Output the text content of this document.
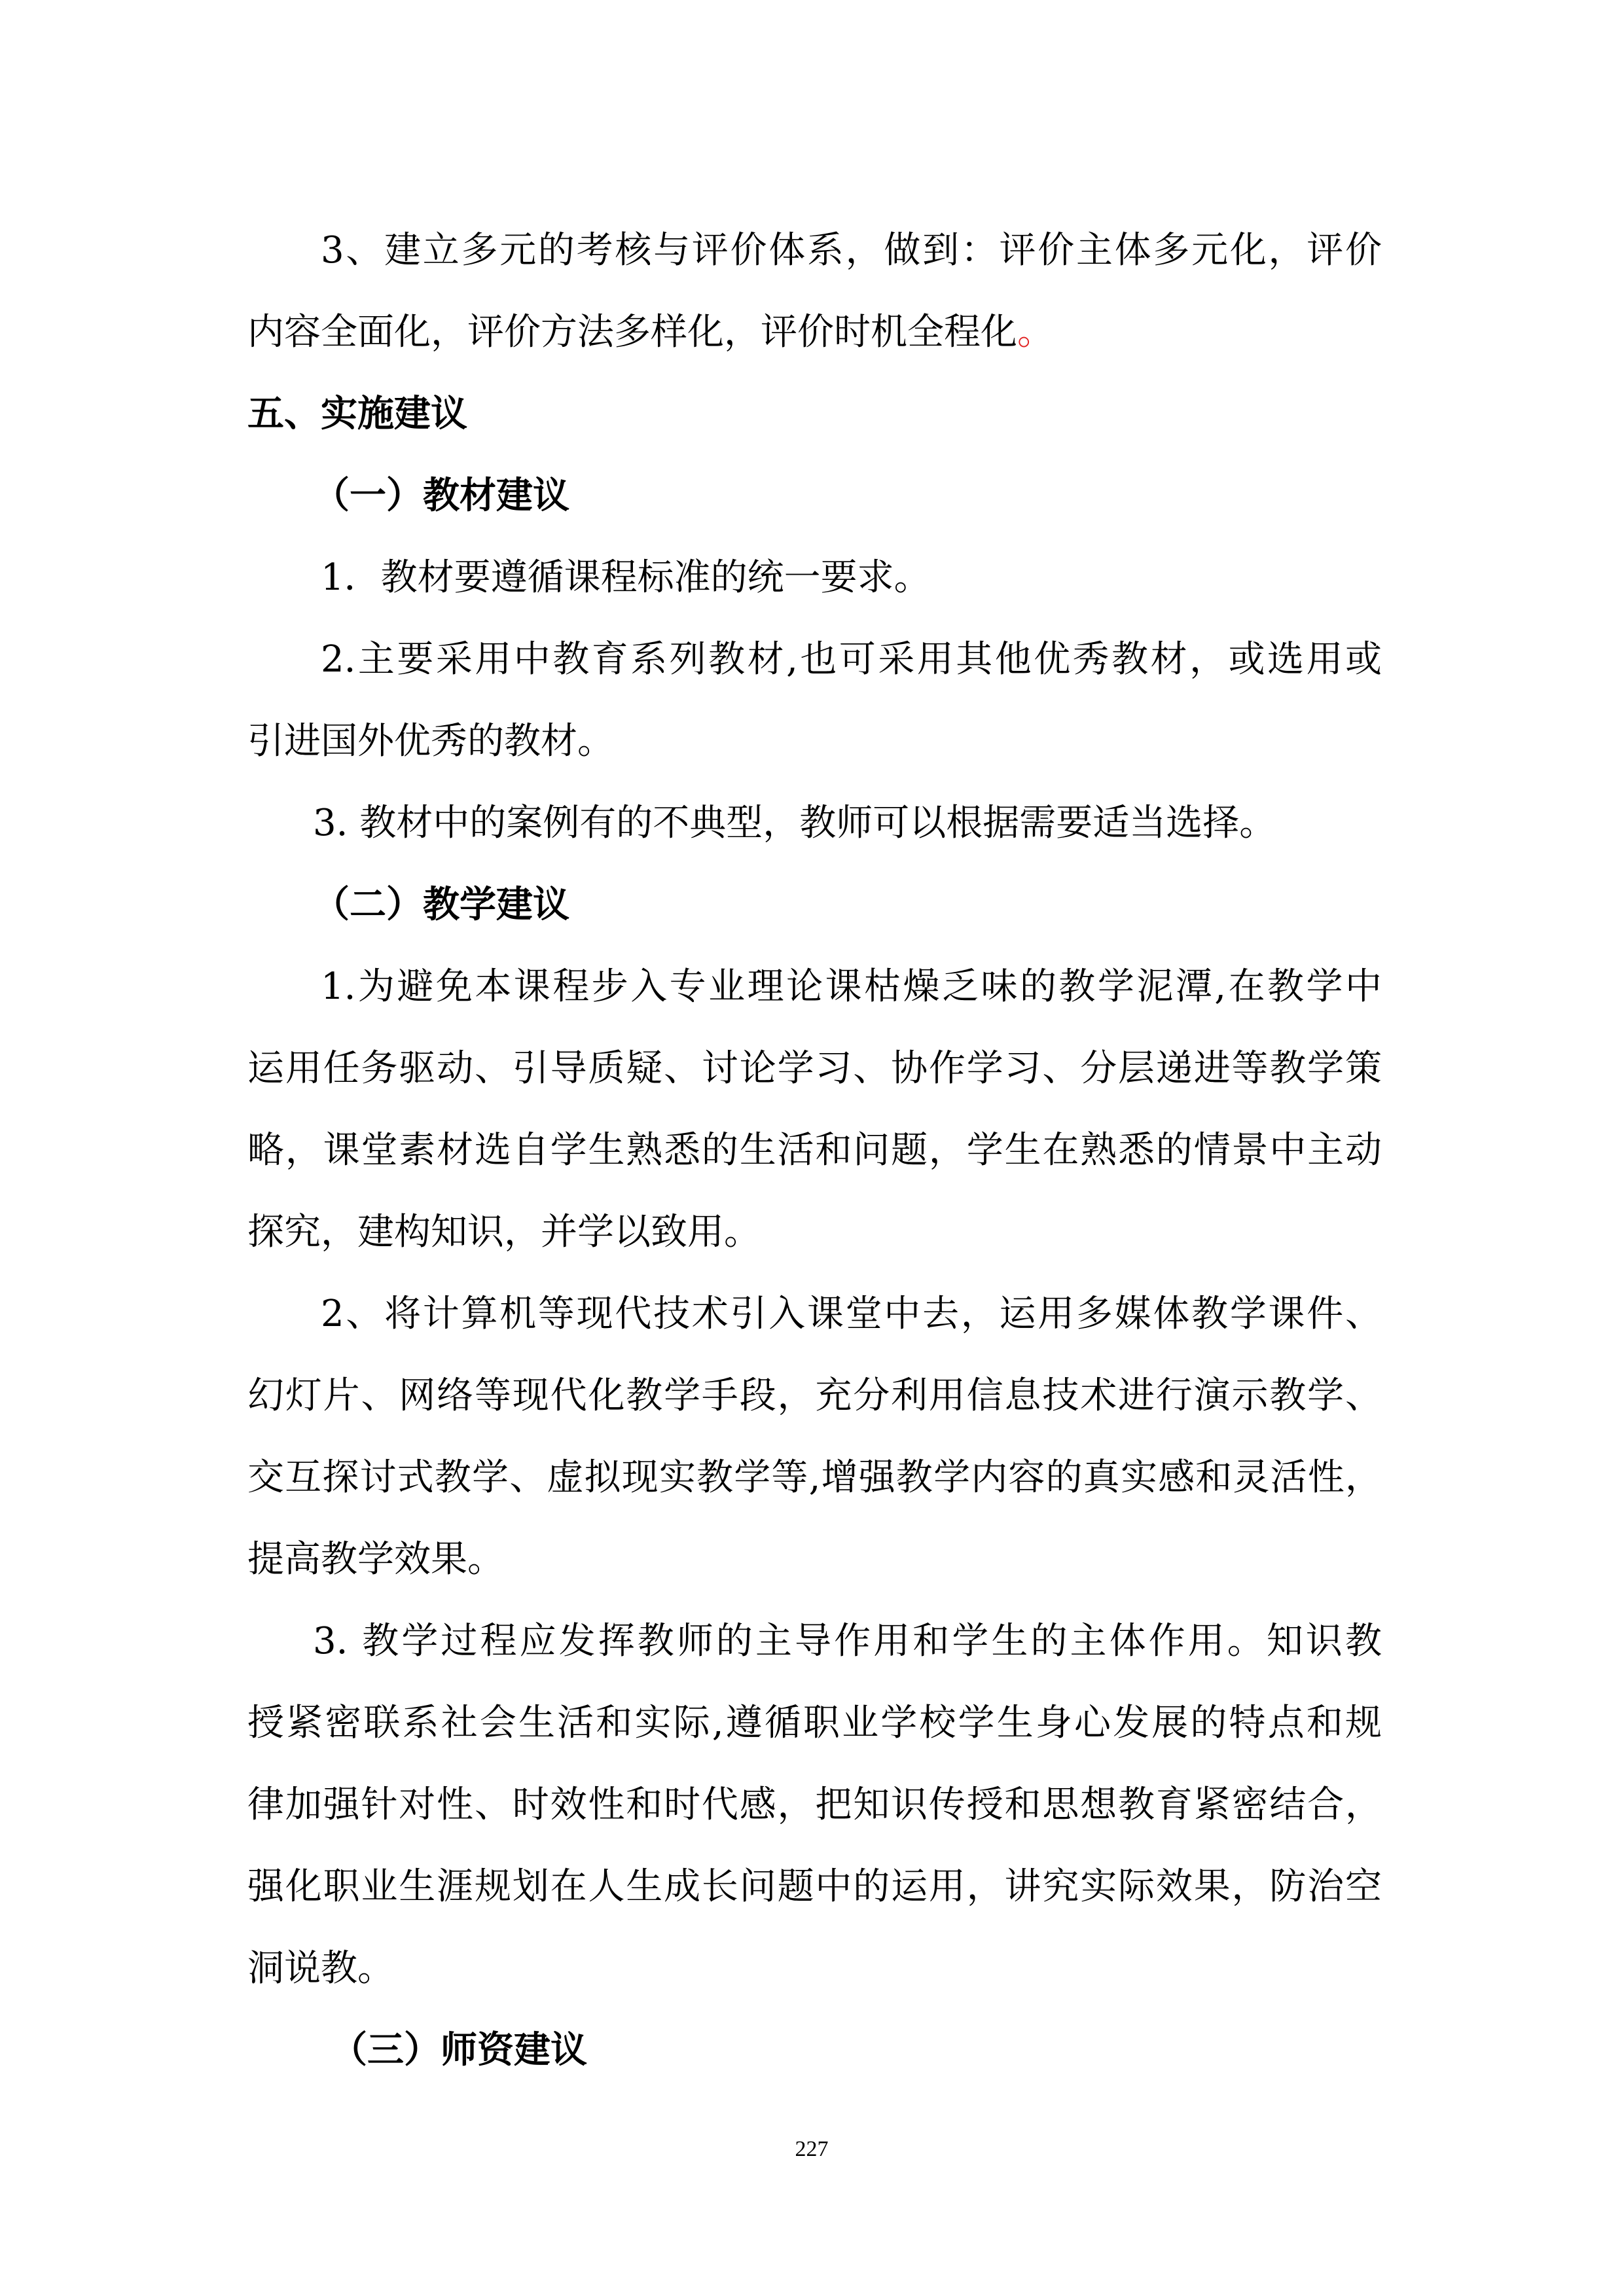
3、建立多元的考核与评价体系，做到：评价主体多元化，评价
内容全面化，评价方法多样化，评价时机全程化。
五、实施建议
（一）教材建议
1．教材要遵循课程标准的统一要求。
2.主要采用中教育系列教材,也可采用其他优秀教材，或选用或
引进国外优秀的教材。
3. 教材中的案例有的不典型，教师可以根据需要适当选择。
（二）教学建议
1.为避免本课程步入专业理论课枯燥乏味的教学泥潭,在教学中
运用任务驱动、引导质疑、讨论学习、协作学习、分层递进等教学策
略，课堂素材选自学生熟悉的生活和问题，学生在熟悉的情景中主动
探究，建构知识，并学以致用。
2、将计算机等现代技术引入课堂中去，运用多媒体教学课件、
幻灯片、网络等现代化教学手段，充分利用信息技术进行演示教学、
交互探讨式教学、虚拟现实教学等,增强教学内容的真实感和灵活性，
提高教学效果。
3. 教学过程应发挥教师的主导作用和学生的主体作用。知识教
授紧密联系社会生活和实际,遵循职业学校学生身心发展的特点和规
律加强针对性、时效性和时代感，把知识传授和思想教育紧密结合，
强化职业生涯规划在人生成长问题中的运用，讲究实际效果，防治空
洞说教。
（三）师资建议
227
